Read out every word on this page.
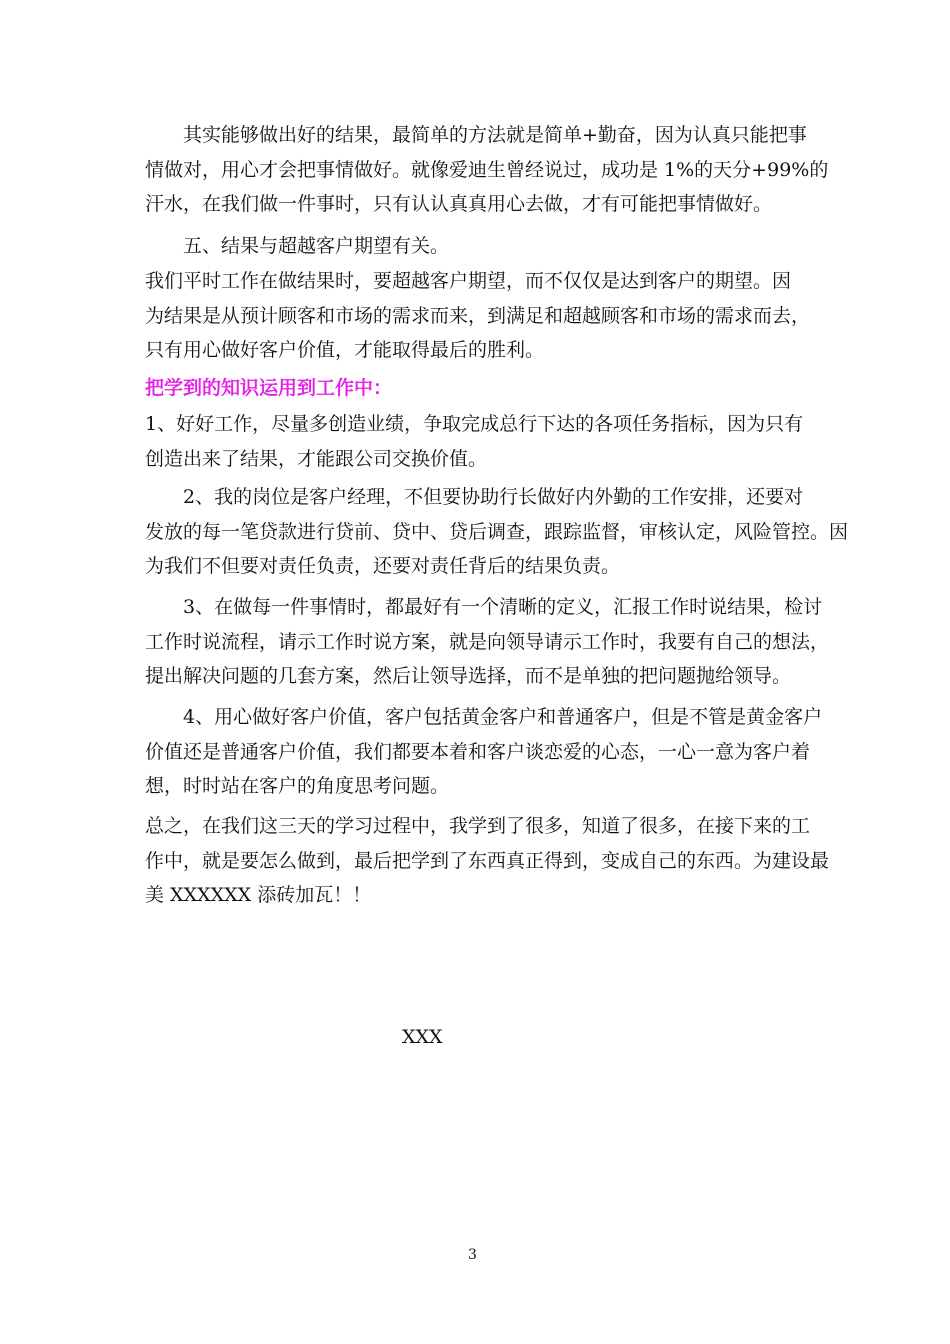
　　其实能够做出好的结果，最简单的方法就是简单+勤奋，因为认真只能把事
情做对，用心才会把事情做好。就像爱迪生曾经说过，成功是 1%的天分+99%的
汗水，在我们做一件事时，只有认认真真用心去做，才有可能把事情做好。
　　五、结果与超越客户期望有关。
我们平时工作在做结果时，要超越客户期望，而不仅仅是达到客户的期望。因
为结果是从预计顾客和市场的需求而来，到满足和超越顾客和市场的需求而去，
只有用心做好客户价值，才能取得最后的胜利。
把学到的知识运用到工作中：
1、好好工作，尽量多创造业绩，争取完成总行下达的各项任务指标，因为只有
创造出来了结果，才能跟公司交换价值。
　　2、我的岗位是客户经理，不但要协助行长做好内外勤的工作安排，还要对
发放的每一笔贷款进行贷前、贷中、贷后调查，跟踪监督，审核认定，风险管控。因
为我们不但要对责任负责，还要对责任背后的结果负责。
　　3、在做每一件事情时，都最好有一个清晰的定义，汇报工作时说结果，检讨
工作时说流程，请示工作时说方案，就是向领导请示工作时，我要有自己的想法，
提出解决问题的几套方案，然后让领导选择，而不是单独的把问题抛给领导。
　　4、用心做好客户价值，客户包括黄金客户和普通客户，但是不管是黄金客户
价值还是普通客户价值，我们都要本着和客户谈恋爱的心态，一心一意为客户着
想，时时站在客户的角度思考问题。
总之，在我们这三天的学习过程中，我学到了很多，知道了很多，在接下来的工
作中，就是要怎么做到，最后把学到了东西真正得到，变成自己的东西。为建设最
美 XXXXXX 添砖加瓦！！
XXX
3
